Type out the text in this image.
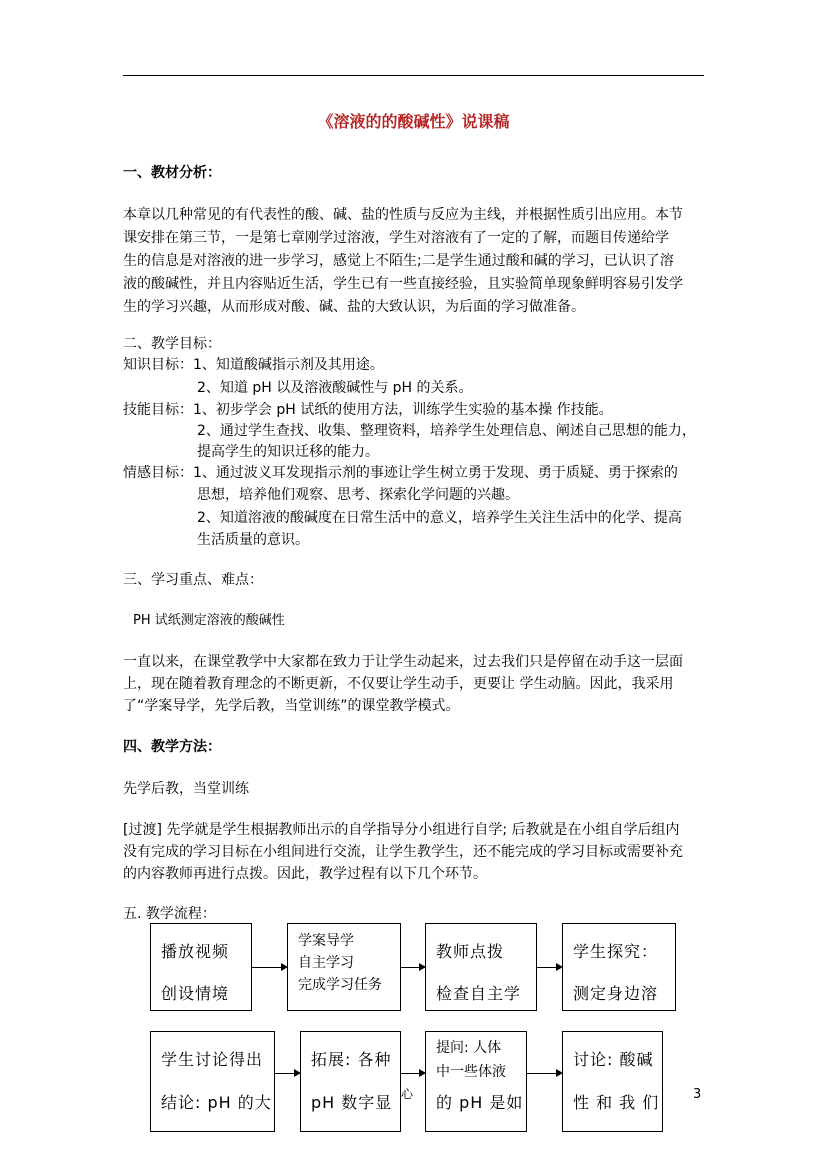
《溶液的的酸碱性》说课稿
一、教材分析：
本章以几种常见的有代表性的酸、碱、盐的性质与反应为主线，并根据性质引出应用。本节
课安排在第三节，一是第七章刚学过溶液，学生对溶液有了一定的了解，而题目传递给学
生的信息是对溶液的进一步学习，感觉上不陌生;二是学生通过酸和碱的学习，已认识了溶
液的酸碱性，并且内容贴近生活，学生已有一些直接经验，且实验简单现象鲜明容易引发学
生的学习兴趣，从而形成对酸、碱、盐的大致认识，为后面的学习做准备。
二、教学目标：
知识目标：1、知道酸碱指示剂及其用途。
2、知道 pH 以及溶液酸碱性与 pH 的关系。
技能目标：1、初步学会 pH 试纸的使用方法，训练学生实验的基本操 作技能。
2、通过学生查找、收集、整理资料，培养学生处理信息、阐述自己思想的能力，
提高学生的知识迁移的能力。
情感目标：1、通过波义耳发现指示剂的事迹让学生树立勇于发现、勇于质疑、勇于探索的
思想，培养他们观察、思考、探索化学问题的兴趣。
2、知道溶液的酸碱度在日常生活中的意义，培养学生关注生活中的化学、提高
生活质量的意识。
三、学习重点、难点：
PH 试纸测定溶液的酸碱性
一直以来，在课堂教学中大家都在致力于让学生动起来，过去我们只是停留在动手这一层面
上，现在随着教育理念的不断更新，不仅要让学生动手，更要让 学生动脑。因此，我采用
了“学案导学，先学后教，当堂训练”的课堂教学模式。
四、教学方法：
先学后教，当堂训练
[过渡] 先学就是学生根据教师出示的自学指导分小组进行自学; 后教就是在小组自学后组内
没有完成的学习目标在小组间进行交流，让学生教学生，还不能完成的学习目标或需要补充
的内容教师再进行点拨。因此，教学过程有以下几个环节。
五. 教学流程：
播放视频
创设情境
学案导学
自主学习
完成学习任务
教师点拨
检查自主学
学生探究：
测定身边溶
学生讨论得出
结论: pH 的大
拓展: 各种
pH 数字显 心
提问: 人体
中一些体液
的 pH 是如
讨论: 酸碱
性 和 我 们	3
